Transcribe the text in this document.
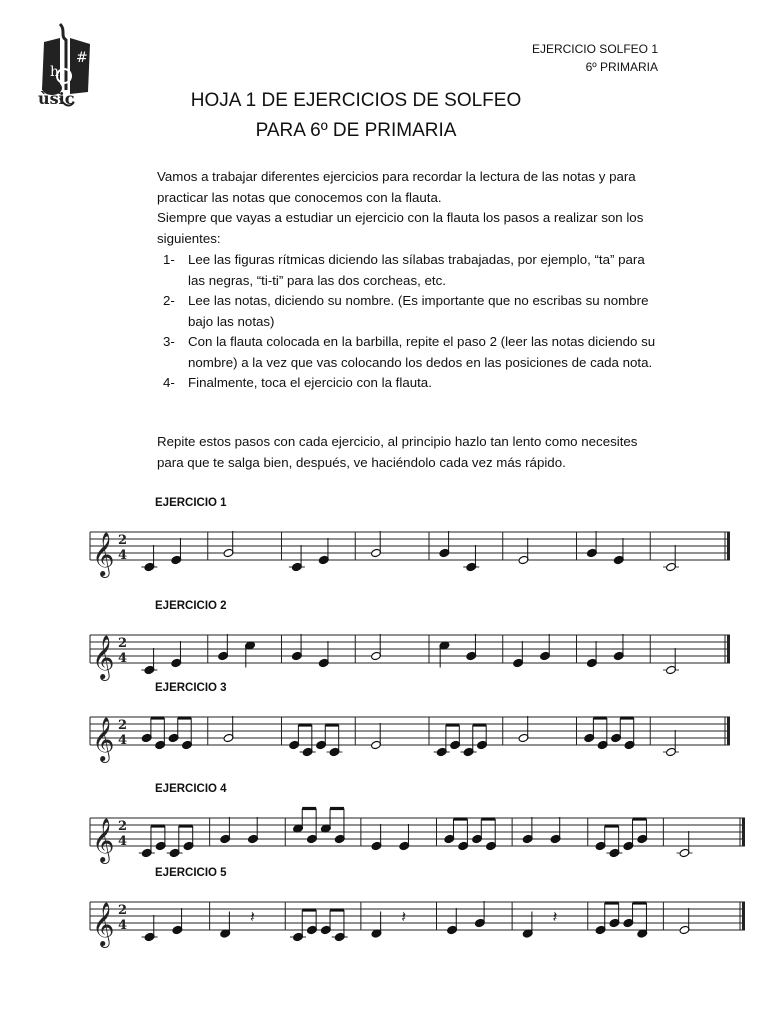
h
#
ùsic
EJERCICIO SOLFEO 1
6º PRIMARIA
HOJA 1 DE EJERCICIOS DE SOLFEO
PARA 6º DE PRIMARIA
Vamos a trabajar diferentes ejercicios para recordar la lectura de las notas y para practicar las notas que conocemos con la flauta.
Siempre que vayas a estudiar un ejercicio con la flauta los pasos a realizar son los siguientes:
1- Lee las figuras rítmicas diciendo las sílabas trabajadas, por ejemplo, “ta” para las negras, “ti-ti” para las dos corcheas, etc.
2- Lee las notas, diciendo su nombre. (Es importante que no escribas su nombre bajo las notas)
3- Con la flauta colocada en la barbilla, repite el paso 2 (leer las notas diciendo su nombre) a la vez que vas colocando los dedos en las posiciones de cada nota.
4- Finalmente, toca el ejercicio con la flauta.
Repite estos pasos con cada ejercicio, al principio hazlo tan lento como necesites para que te salga bien, después, ve haciéndolo cada vez más rápido.
EJERCICIO 1
EJERCICIO 2
EJERCICIO 3
EJERCICIO 4
EJERCICIO 5
𝄞 2
4
𝄞 2
4
𝄞 2
4
𝄞 2
4
𝄞 2
4	𝄽	𝄽	𝄽
